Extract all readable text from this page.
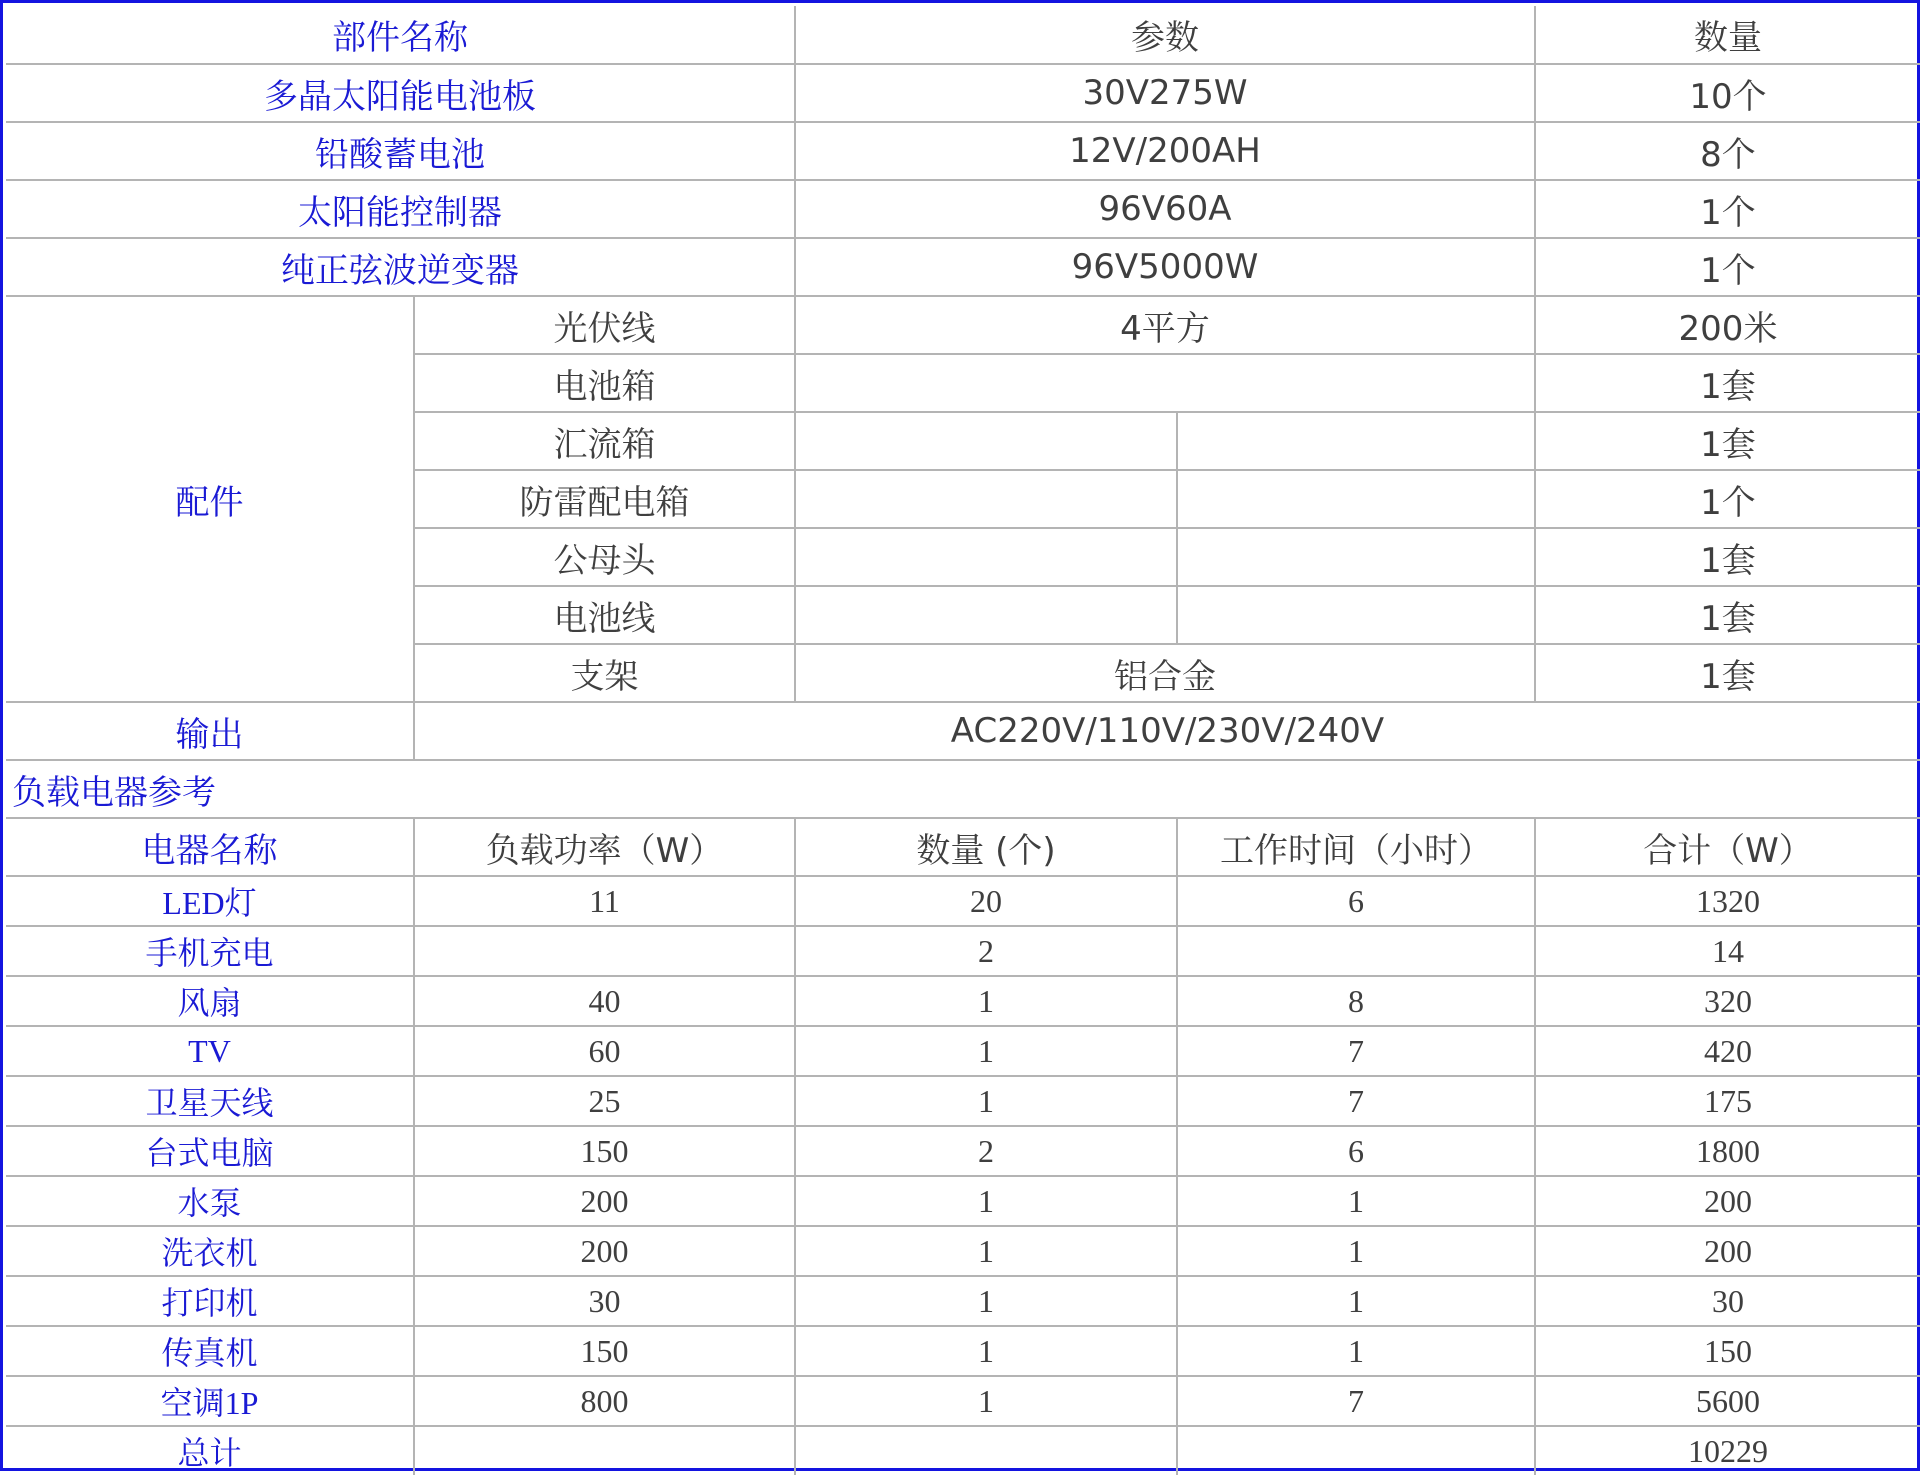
部件名称		参数		数量
多晶太阳能电池板		30V275W		10个
铅酸蓄电池		12V/200AH		8个
太阳能控制器		96V60A		1个
纯正弦波逆变器		96V5000W		1个
配件	光伏线	4平方		200米
	电池箱			1套
	汇流箱			1套
	防雷配电箱			1个
	公母头			1套
	电池线			1套
	支架	铝合金		1套
输出	AC220V/110V/230V/240V			
负载电器参考				
电器名称	负载功率（W）	数量 (个)	工作时间（小时）	合计（W）
LED灯	11	20	6	1320
手机充电		2		14
风扇	40	1	8	320
TV	60	1	7	420
卫星天线	25	1	7	175
台式电脑	150	2	6	1800
水泵	200	1	1	200
洗衣机	200	1	1	200
打印机	30	1	1	30
传真机	150	1	1	150
空调1P	800	1	7	5600
总计				10229
